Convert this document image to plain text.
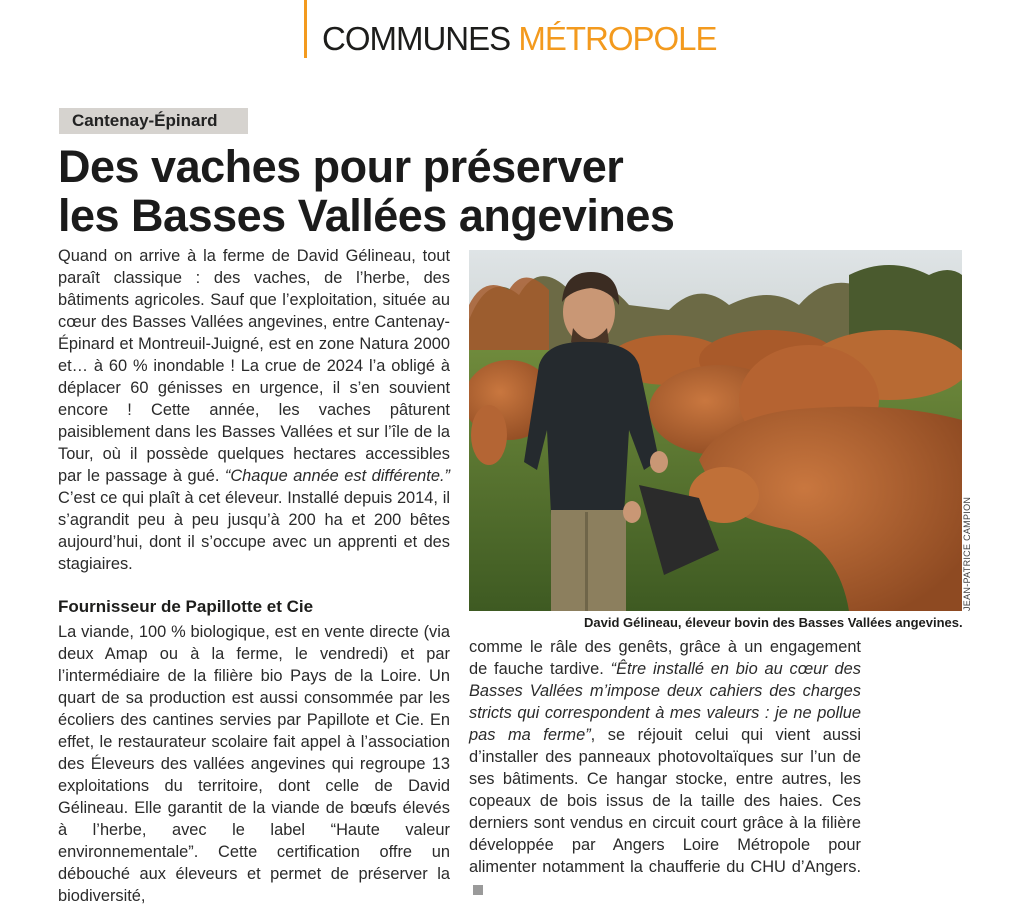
COMMUNES MÉTROPOLE
Cantenay-Épinard
Des vaches pour préserver
les Basses Vallées angevines
Quand on arrive à la ferme de David Gélineau, tout paraît classique : des vaches, de l’herbe, des bâtiments agricoles. Sauf que l’exploitation, située au cœur des Basses Vallées angevines, entre Cantenay-Épinard et Montreuil-Juigné, est en zone Natura 2000 et… à 60 % inondable ! La crue de 2024 l’a obligé à déplacer 60 génisses en urgence, il s’en souvient encore ! Cette année, les vaches pâturent paisiblement dans les Basses Vallées et sur l’île de la Tour, où il possède quelques hectares accessibles par le passage à gué. “Chaque année est différente.” C’est ce qui plaît à cet éleveur. Installé depuis 2014, il s’agrandit peu à peu jusqu’à 200 ha et 200 bêtes aujourd’hui, dont il s’occupe avec un apprenti et des stagiaires.
Fournisseur de Papillotte et Cie
La viande, 100 % biologique, est en vente directe (via deux Amap ou à la ferme, le vendredi) et par l’intermédiaire de la filière bio Pays de la Loire. Un quart de sa production est aussi consommée par les écoliers des cantines servies par Papillote et Cie. En effet, le restaurateur scolaire fait appel à l’association des Éleveurs des vallées angevines qui regroupe 13 exploitations du territoire, dont celle de David Gélineau. Elle garantit de la viande de bœufs élevés à l’herbe, avec le label “Haute valeur environnementale”. Cette certification offre un débouché aux éleveurs et permet de préserver la biodiversité,
JEAN-PATRICE CAMPION
David Gélineau, éleveur bovin des Basses Vallées angevines.
comme le râle des genêts, grâce à un engagement de fauche tardive. “Être installé en bio au cœur des Basses Vallées m’impose deux cahiers des charges stricts qui correspondent à mes valeurs : je ne pollue pas ma ferme”, se réjouit celui qui vient aussi d’installer des panneaux photovoltaïques sur l’un de ses bâtiments. Ce hangar stocke, entre autres, les copeaux de bois issus de la taille des haies. Ces derniers sont vendus en circuit court grâce à la filière développée par Angers Loire Métropole pour alimenter notamment la chaufferie du CHU d’Angers.
